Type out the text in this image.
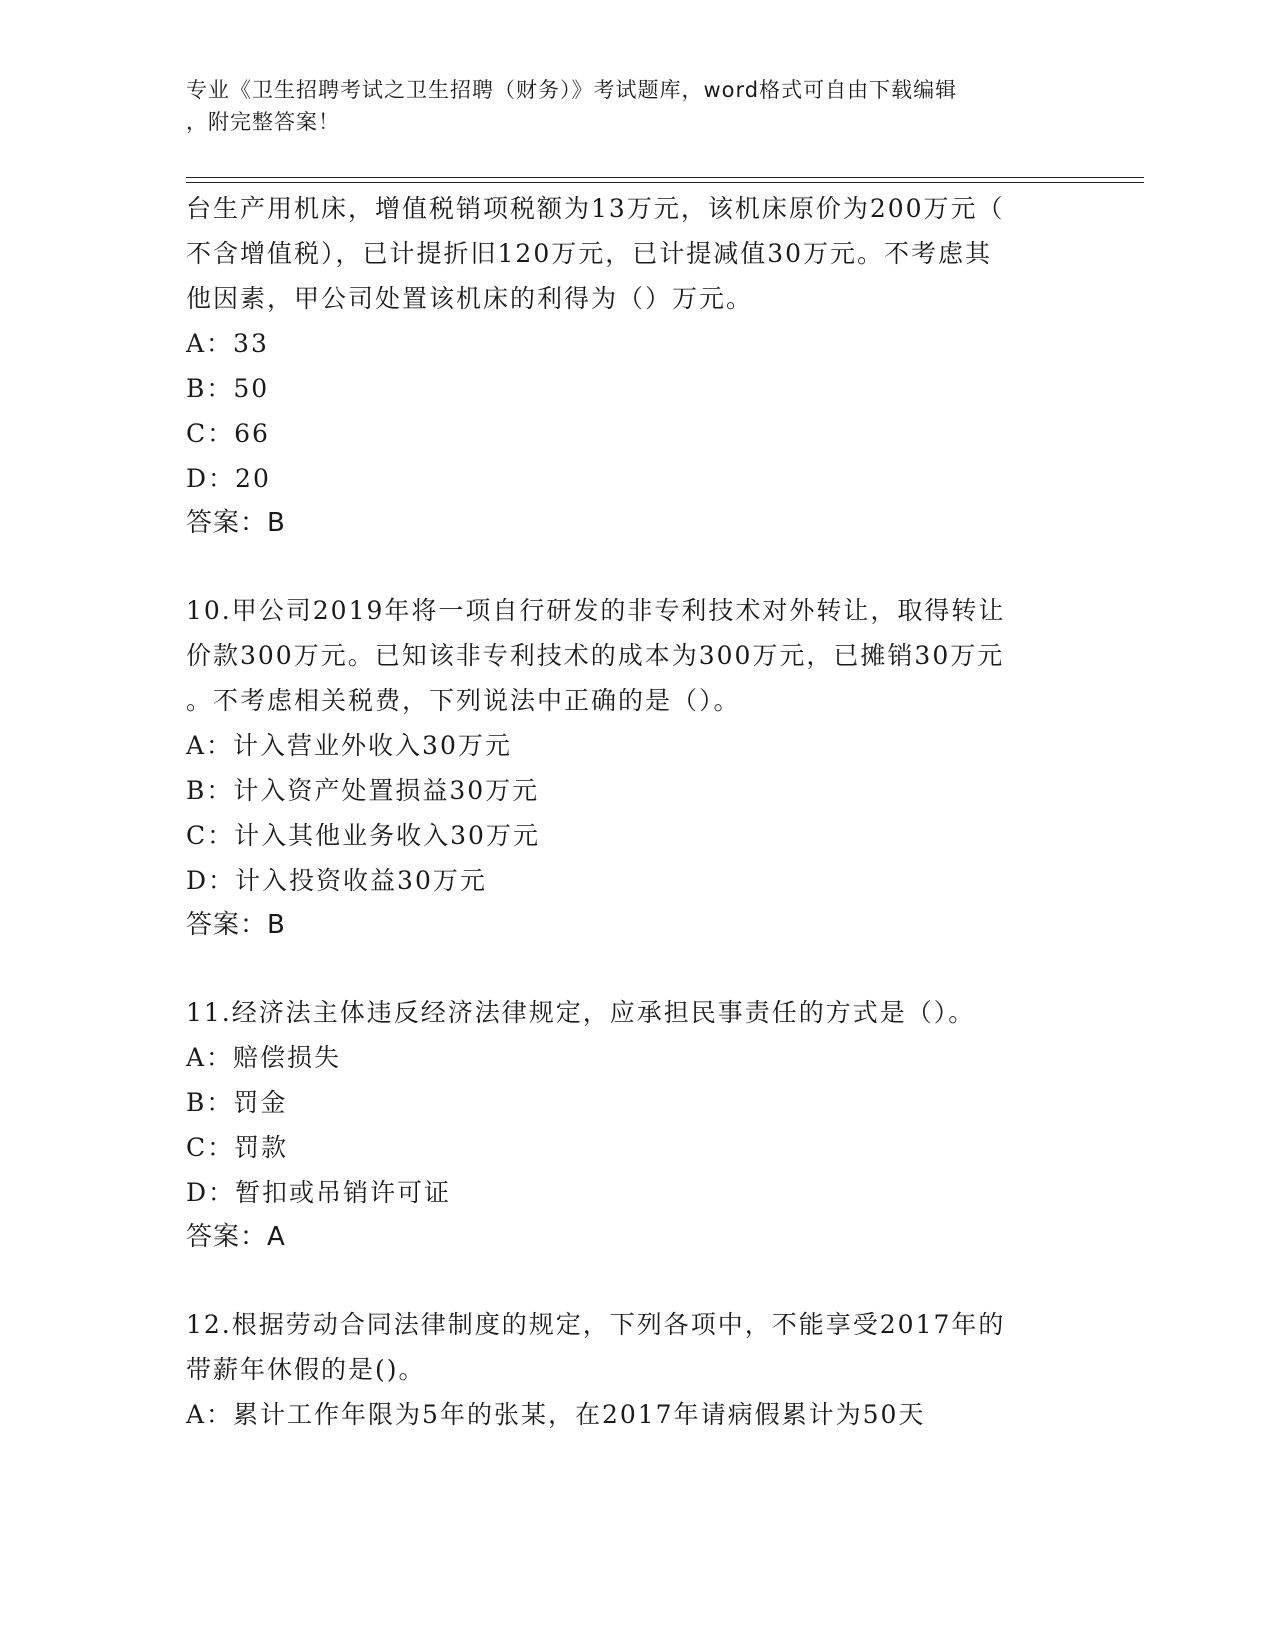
专业《卫生招聘考试之卫生招聘（财务）》考试题库，word格式可自由下载编辑
，附完整答案！
台生产用机床，增值税销项税额为13万元，该机床原价为200万元（
不含增值税），已计提折旧120万元，已计提减值30万元。不考虑其
他因素，甲公司处置该机床的利得为（）万元。
A：33
B：50
C：66
D：20
答案：B
10.甲公司2019年将一项自行研发的非专利技术对外转让，取得转让
价款300万元。已知该非专利技术的成本为300万元，已摊销30万元
。不考虑相关税费，下列说法中正确的是（）。
A：计入营业外收入30万元
B：计入资产处置损益30万元
C：计入其他业务收入30万元
D：计入投资收益30万元
答案：B
11.经济法主体违反经济法律规定，应承担民事责任的方式是（）。
A：赔偿损失
B：罚金
C：罚款
D：暂扣或吊销许可证
答案：A
12.根据劳动合同法律制度的规定，下列各项中，不能享受2017年的
带薪年休假的是()。
A：累计工作年限为5年的张某，在2017年请病假累计为50天
